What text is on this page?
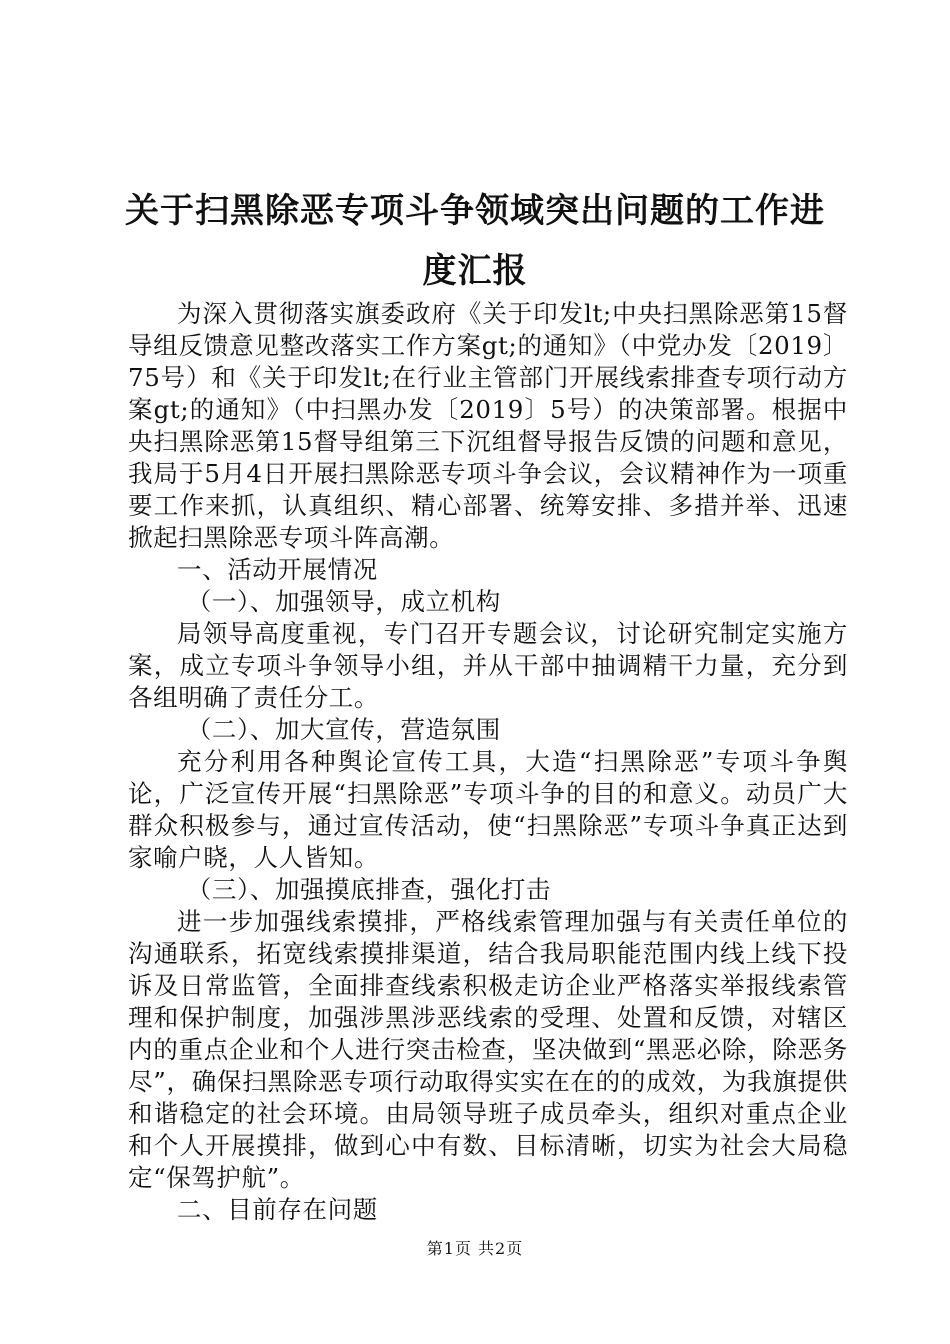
关于扫黑除恶专项斗争领域突出问题的工作进
度汇报

为深入贯彻落实旗委政府《关于印发lt;中央扫黑除恶第15督导组反馈意见整改落实工作方案gt;的通知》（中党办发〔2019〕75号）和《关于印发lt;在行业主管部门开展线索排查专项行动方案gt;的通知》（中扫黑办发〔2019〕5号）的决策部署。根据中央扫黑除恶第15督导组第三下沉组督导报告反馈的问题和意见，我局于5月4日开展扫黑除恶专项斗争会议，会议精神作为一项重要工作来抓，认真组织、精心部署、统筹安排、多措并举、迅速掀起扫黑除恶专项斗阵高潮。

一、活动开展情况

（一）、加强领导，成立机构

局领导高度重视，专门召开专题会议，讨论研究制定实施方案，成立专项斗争领导小组，并从干部中抽调精干力量，充分到各组明确了责任分工。

（二）、加大宣传，营造氛围

充分利用各种舆论宣传工具，大造“扫黑除恶”专项斗争舆论，广泛宣传开展“扫黑除恶”专项斗争的目的和意义。动员广大群众积极参与，通过宣传活动，使“扫黑除恶”专项斗争真正达到家喻户晓，人人皆知。

（三）、加强摸底排查，强化打击

进一步加强线索摸排，严格线索管理加强与有关责任单位的沟通联系，拓宽线索摸排渠道，结合我局职能范围内线上线下投诉及日常监管，全面排查线索积极走访企业严格落实举报线索管理和保护制度，加强涉黑涉恶线索的受理、处置和反馈，对辖区内的重点企业和个人进行突击检查，坚决做到“黑恶必除，除恶务尽”，确保扫黑除恶专项行动取得实实在在的的成效，为我旗提供和谐稳定的社会环境。由局领导班子成员牵头，组织对重点企业和个人开展摸排，做到心中有数、目标清晰，切实为社会大局稳定“保驾护航”。

二、目前存在问题

第1页 共2页
